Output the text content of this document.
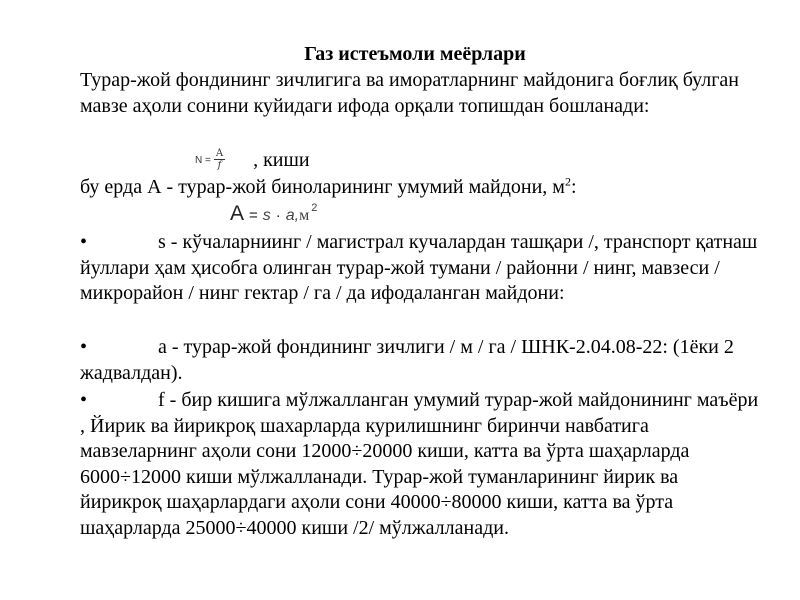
Газ истеъмоли меёрлари

Турар-жой фондининг зичлигига ва иморатларнинг майдонига боғлиқ булган мавзе аҳоли сонини куйидаги ифода орқали топишдан бошланади:

$N = \frac{A}{f}$ , киши

бу ерда А - турар-жой биноларининг умумий майдони, $м^2$:

A = s · a, м 2

•	s - кўчаларниинг / магистрал кучалардан ташқари /, транспорт қатнаш йуллари ҳам ҳисобга олинган турар-жой тумани / районни / нинг, мавзеси / микрорайон / нинг гектар / га / да ифодаланган майдони:

•	a - турар-жой фондининг зичлиги / м / га / ШНК-2.04.08-22: (1ёки 2 жадвалдан).

•	f - бир кишига мўлжалланган умумий турар-жой майдонининг маъёри , Йирик ва йирикроқ шахарларда курилишнинг биринчи навбатига мавзеларнинг аҳоли сони 12000÷20000 киши, катта ва ўрта шаҳарларда 6000÷12000 киши мўлжалланади. Турар-жой туманларининг йирик ва йирикроқ шаҳарлардаги аҳоли сони 40000÷80000 киши, катта ва ўрта шаҳарларда 25000÷40000 киши /2/ мўлжалланади.
